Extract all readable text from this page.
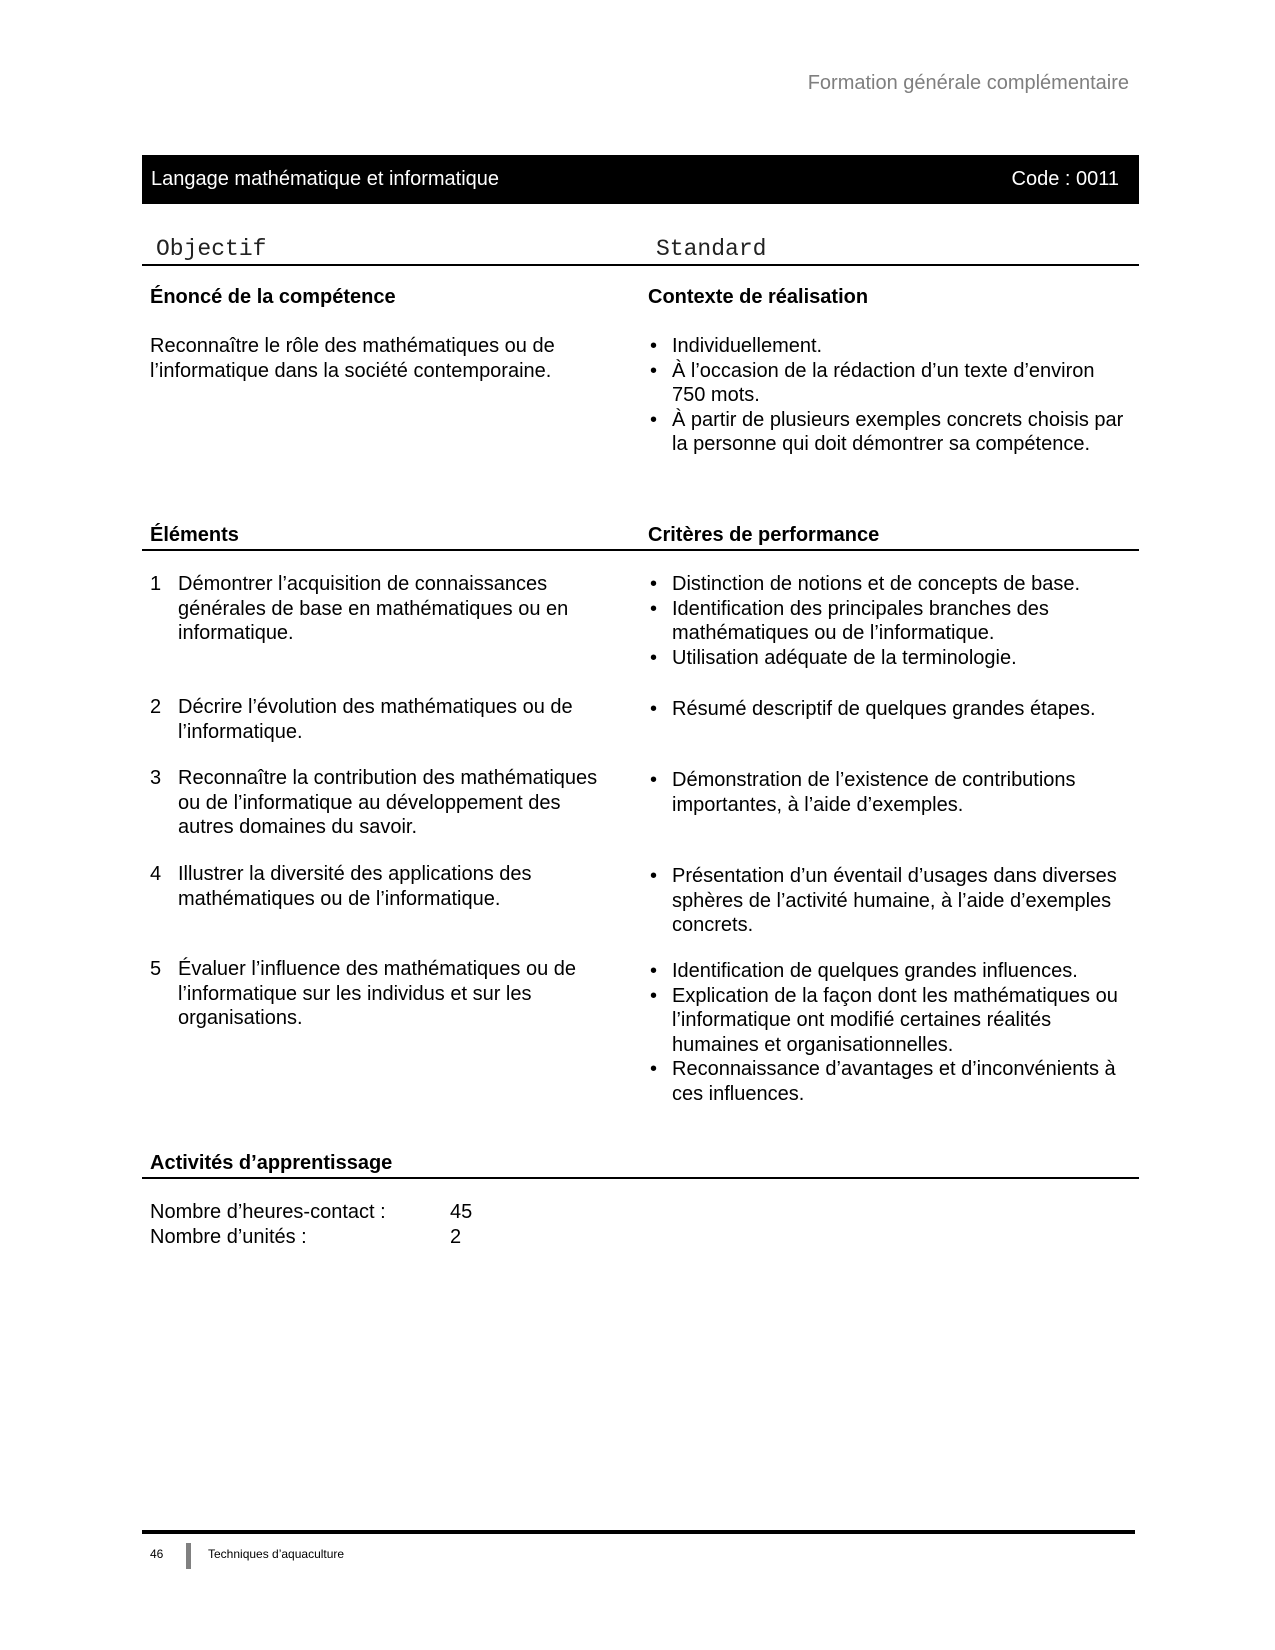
Formation générale complémentaire
Langage mathématique et informatique	Code : 0011
Objectif	Standard
Énoncé de la compétence	Contexte de réalisation
Reconnaître le rôle des mathématiques ou de l’informatique dans la société contemporaine.
• Individuellement.
• À l’occasion de la rédaction d’un texte d’environ 750 mots.
• À partir de plusieurs exemples concrets choisis par la personne qui doit démontrer sa compétence.
Éléments	Critères de performance
1 Démontrer l’acquisition de connaissances générales de base en mathématiques ou en informatique.
• Distinction de notions et de concepts de base.
• Identification des principales branches des mathématiques ou de l’informatique.
• Utilisation adéquate de la terminologie.
2 Décrire l’évolution des mathématiques ou de l’informatique.
• Résumé descriptif de quelques grandes étapes.
3 Reconnaître la contribution des mathématiques ou de l’informatique au développement des autres domaines du savoir.
• Démonstration de l’existence de contributions importantes, à l’aide d’exemples.
4 Illustrer la diversité des applications des mathématiques ou de l’informatique.
• Présentation d’un éventail d’usages dans diverses sphères de l’activité humaine, à l’aide d’exemples concrets.
5 Évaluer l’influence des mathématiques ou de l’informatique sur les individus et sur les organisations.
• Identification de quelques grandes influences.
• Explication de la façon dont les mathématiques ou l’informatique ont modifié certaines réalités humaines et organisationnelles.
• Reconnaissance d’avantages et d’inconvénients à ces influences.
Activités d’apprentissage
Nombre d’heures-contact :	45
Nombre d’unités :	2
46	Techniques d’aquaculture
